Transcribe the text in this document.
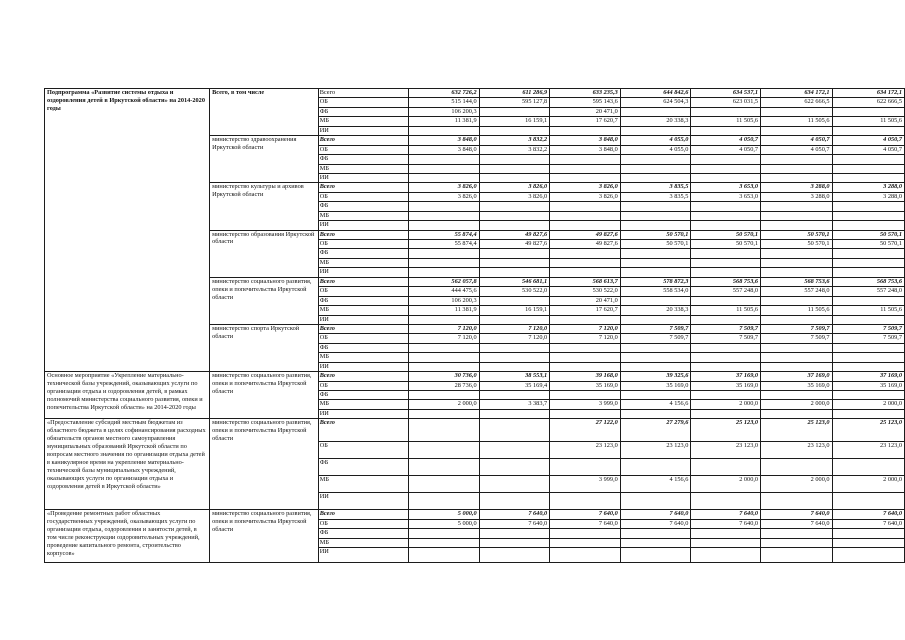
Подпрограмма «Развитие системы отдыха и оздоровления детей в Иркутской области» на 2014-2020 годы	Всего, в том числе	Всего	632 726,2	611 286,9	633 235,3	644 842,6	634 537,1	634 172,1	634 172,1
		ОБ	515 144,0	595 127,8	595 143,6	624 504,3	623 031,5	622 666,5	622 666,5
		ФБ	106 200,3		20 471,0				
		МБ	11 381,9	16 159,1	17 620,7	20 338,3	11 505,6	11 505,6	11 505,6
		ИИ							
	министерство здравоохранения Иркутской области	Всего	3 848,0	3 832,2	3 848,0	4 055,0	4 050,7	4 050,7	4 050,7
		ОБ	3 848,0	3 832,2	3 848,0	4 055,0	4 050,7	4 050,7	4 050,7
		ФБ							
		МБ							
		ИИ							
	министерство культуры и архивов Иркутской области	Всего	3 826,0	3 826,0	3 826,0	3 835,5	3 653,0	3 288,0	3 288,0
		ОБ	3 826,0	3 826,0	3 826,0	3 835,5	3 653,0	3 288,0	3 288,0
		ФБ							
		МБ							
		ИИ							
	министерство образования Иркутской области	Всего	55 874,4	49 827,6	49 827,6	50 570,1	50 570,1	50 570,1	50 570,1
		ОБ	55 874,4	49 827,6	49 827,6	50 570,1	50 570,1	50 570,1	50 570,1
		ФБ							
		МБ							
		ИИ							
	министерство социального развития, опеки и попечительства Иркутской области	Всего	562 057,8	546 681,1	568 613,7	578 872,3	568 753,6	568 753,6	568 753,6
		ОБ	444 475,6	530 522,0	530 522,0	558 534,0	557 248,0	557 248,0	557 248,0
		ФБ	106 200,3		20 471,0				
		МБ	11 381,9	16 159,1	17 620,7	20 338,3	11 505,6	11 505,6	11 505,6
		ИИ							
	министерство спорта Иркутской области	Всего	7 120,0	7 120,0	7 120,0	7 509,7	7 509,7	7 509,7	7 509,7
		ОБ	7 120,0	7 120,0	7 120,0	7 509,7	7 509,7	7 509,7	7 509,7
		ФБ							
		МБ							
		ИИ							
Основное мероприятие «Укрепление материально-технической базы учреждений, оказывающих услуги по организации отдыха и оздоровления детей, в рамках полномочий министерства социального развития, опеки и попечительства Иркутской области» на 2014-2020 годы	министерство социального развития, опеки и попечительства Иркутской области	Всего	30 736,0	38 553,1	39 168,0	39 325,6	37 169,0	37 169,0	37 169,0
		ОБ	28 736,0	35 169,4	35 169,0	35 169,0	35 169,0	35 169,0	35 169,0
		ФБ							
		МБ	2 000,0	3 383,7	3 999,0	4 156,6	2 000,0	2 000,0	2 000,0
		ИИ							
«Предоставление субсидий местным бюджетам из областного бюджета в целях софинансирования расходных обязательств органов местного самоуправления муниципальных образований Иркутской области по вопросам местного значения по организации отдыха детей в каникулярное время на укрепление материально-технической базы муниципальных учреждений, оказывающих услуги по организации отдыха и оздоровления детей в Иркутской области»	министерство социального развития, опеки и попечительства Иркутской области	Всего			27 122,0	27 279,6	25 123,0	25 123,0	25 123,0
		ОБ			23 123,0	23 123,0	23 123,0	23 123,0	23 123,0
		ФБ							
		МБ			3 999,0	4 156,6	2 000,0	2 000,0	2 000,0
		ИИ							
«Проведение ремонтных работ областных государственных учреждений, оказывающих услуги по организации отдыха, оздоровления и занятости детей, в том числе реконструкции оздоровительных учреждений, проведение капитального ремонта, строительство корпусов»	министерство социального развития, опеки и попечительства Иркутской области	Всего	5 000,0	7 640,0	7 640,0	7 640,0	7 640,0	7 640,0	7 640,0
		ОБ	5 000,0	7 640,0	7 640,0	7 640,0	7 640,0	7 640,0	7 640,0
		ФБ							
		МБ							
		ИИ							
